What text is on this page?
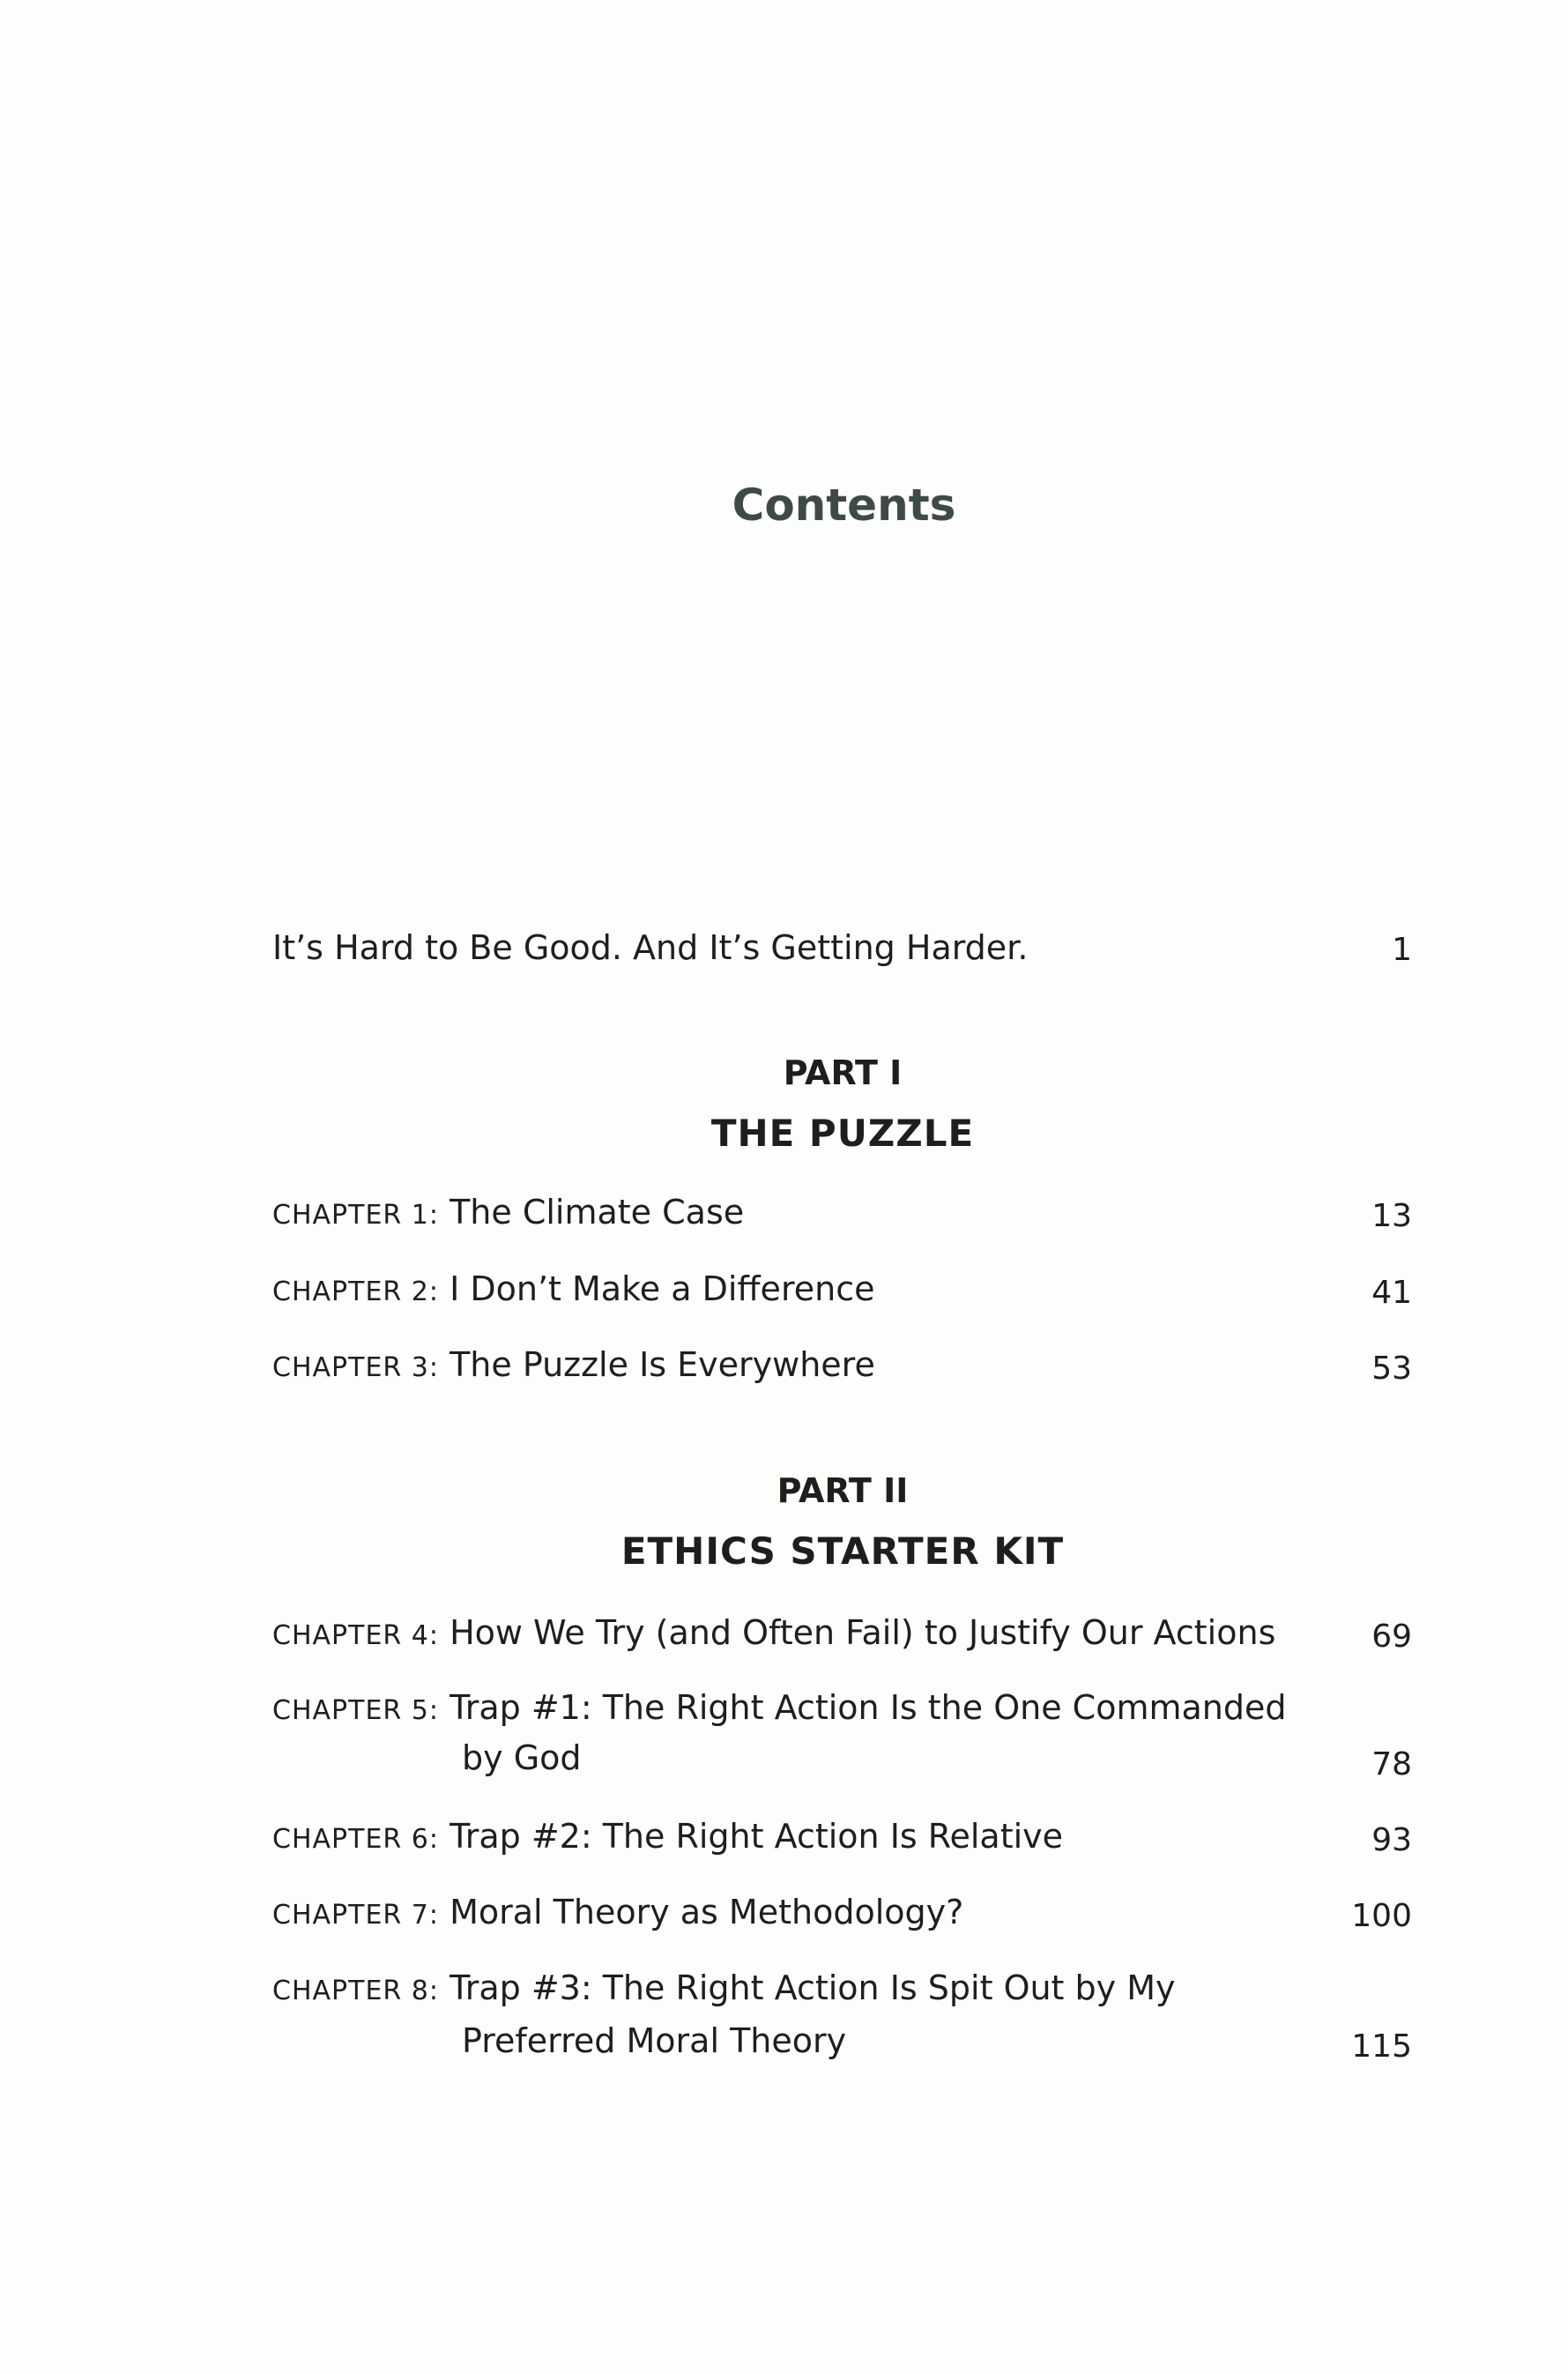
Contents
It’s Hard to Be Good. And It’s Getting Harder.	1
PART I
THE PUZZLE
CHAPTER 1: The Climate Case	13
CHAPTER 2: I Don’t Make a Difference	41
CHAPTER 3: The Puzzle Is Everywhere	53
PART II
ETHICS STARTER KIT
CHAPTER 4: How We Try (and Often Fail) to Justify Our Actions	69
CHAPTER 5: Trap #1: The Right Action Is the One Commanded
by God	78
CHAPTER 6: Trap #2: The Right Action Is Relative	93
CHAPTER 7: Moral Theory as Methodology?	100
CHAPTER 8: Trap #3: The Right Action Is Spit Out by My
Preferred Moral Theory	115
